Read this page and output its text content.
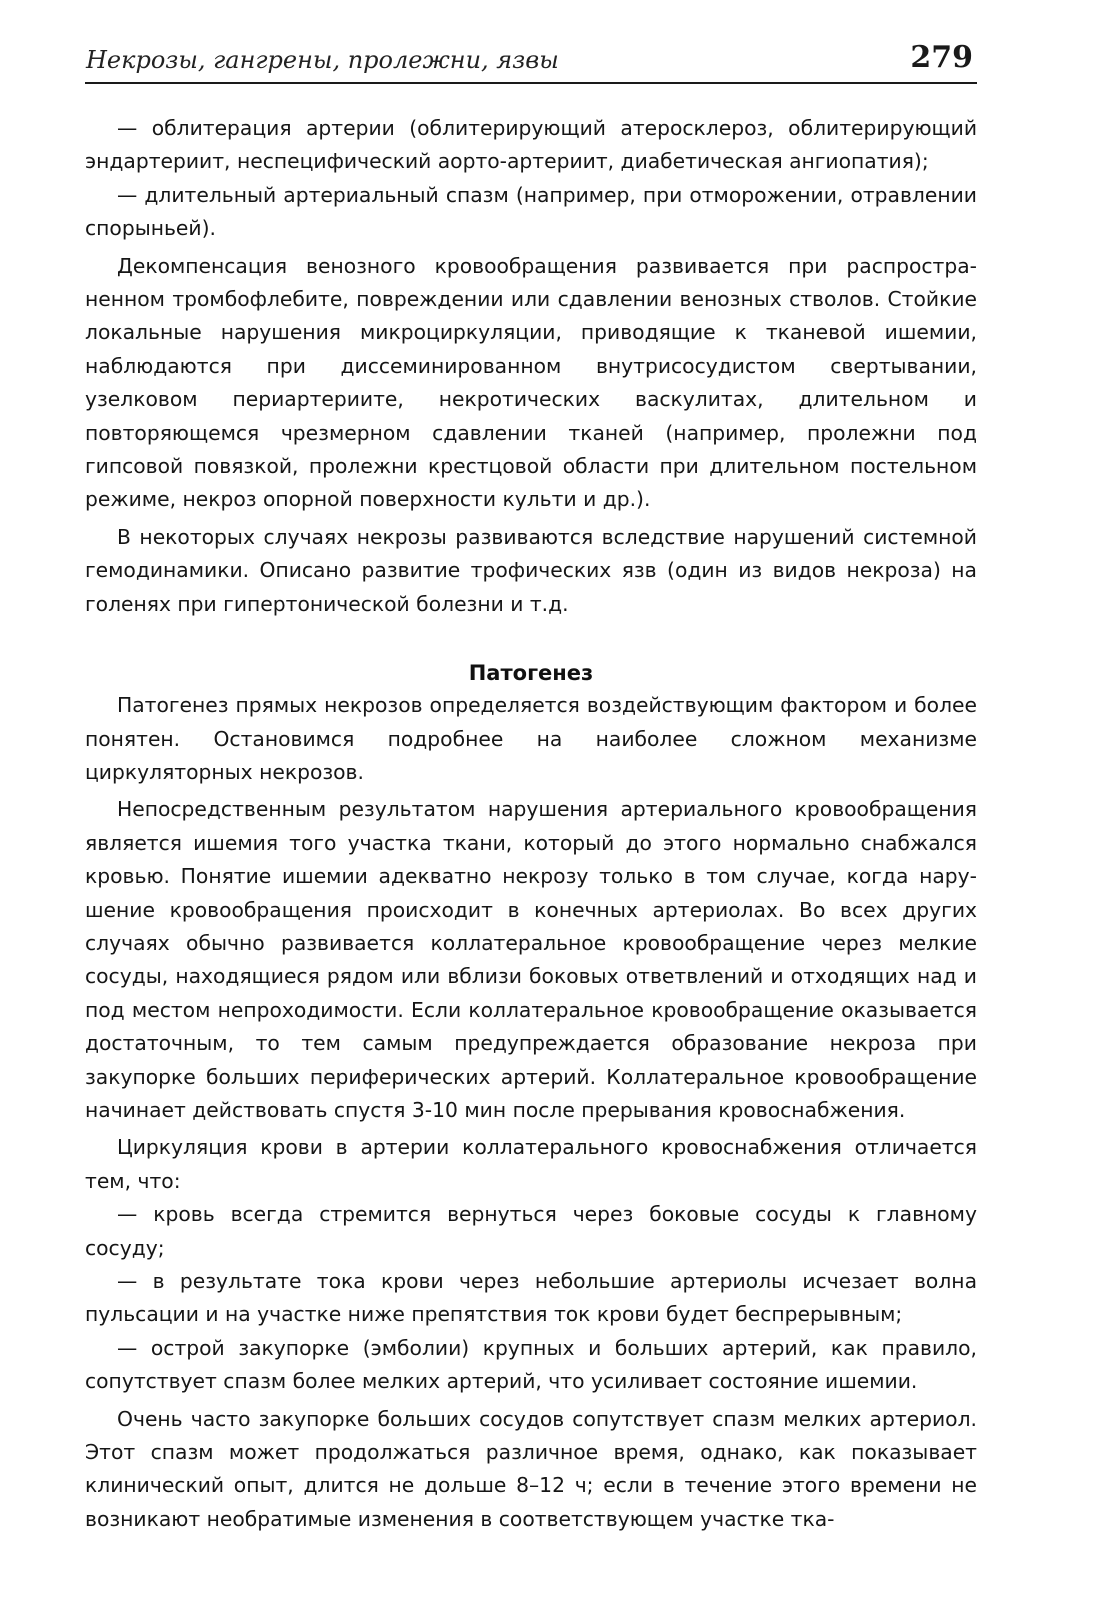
Некрозы, гангрены, пролежни, язвы	279

— облитерация артерии (облитерирующий атеросклероз, облитерирующий эндартериит, неспецифический аорто-артериит, диабетическая ангиопатия);

— длительный артериальный спазм (например, при отморожении, отравлении спорыньей).

Декомпенсация венозного кровообращения развивается при распространенном тромбофлебите, повреждении или сдавлении венозных стволов. Стойкие локальные нарушения микроциркуляции, приводящие к тканевой ишемии, наблюдаются при диссеминированном внутрисосудистом свертывании, узелковом периартериите, некротических васкулитах, длительном и повторяющемся чрезмерном сдавлении тканей (например, пролежни под гипсовой повязкой, пролежни крестцовой области при длительном постельном режиме, некроз опорной поверхности культи и др.).

В некоторых случаях некрозы развиваются вследствие нарушений системной гемодинамики. Описано развитие трофических язв (один из видов некроза) на голенях при гипертонической болезни и т.д.

Патогенез

Патогенез прямых некрозов определяется воздействующим фактором и более понятен. Остановимся подробнее на наиболее сложном механизме циркуляторных некрозов.

Непосредственным результатом нарушения артериального кровообращения является ишемия того участка ткани, который до этого нормально снабжался кровью. Понятие ишемии адекватно некрозу только в том случае, когда нарушение кровообращения происходит в конечных артериолах. Во всех других случаях обычно развивается коллатеральное кровообращение через мелкие сосуды, находящиеся рядом или вблизи боковых ответвлений и отходящих над и под местом непроходимости. Если коллатеральное кровообращение оказывается достаточным, то тем самым предупреждается образование некроза при закупорке больших периферических артерий. Коллатеральное кровообращение начинает действовать спустя 3-10 мин после прерывания кровоснабжения.

Циркуляция крови в артерии коллатерального кровоснабжения отличается тем, что:

— кровь всегда стремится вернуться через боковые сосуды к главному сосуду;

— в результате тока крови через небольшие артериолы исчезает волна пульсации и на участке ниже препятствия ток крови будет беспрерывным;

— острой закупорке (эмболии) крупных и больших артерий, как правило, сопутствует спазм более мелких артерий, что усиливает состояние ишемии.

Очень часто закупорке больших сосудов сопутствует спазм мелких артериол. Этот спазм может продолжаться различное время, однако, как показывает клинический опыт, длится не дольше 8–12 ч; если в течение этого времени не возникают необратимые изменения в соответствующем участке тка-
